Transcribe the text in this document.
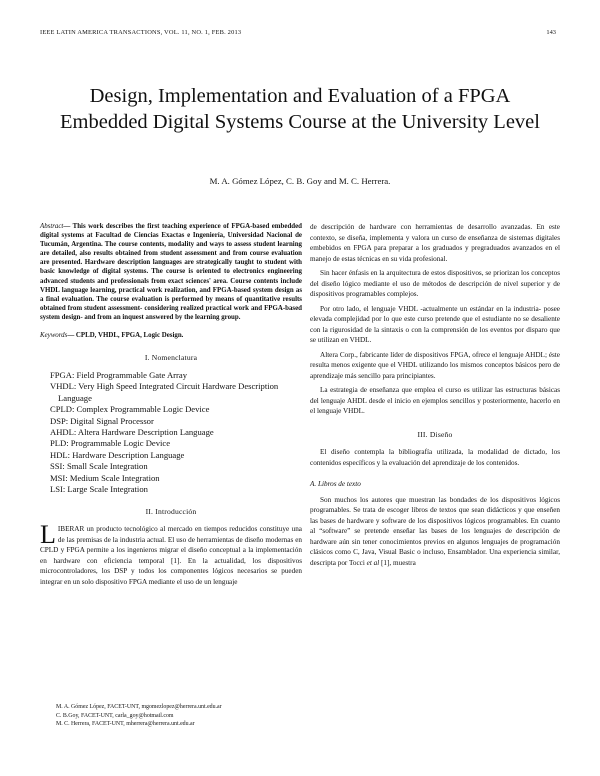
IEEE LATIN AMERICA TRANSACTIONS, VOL. 11, NO. 1, FEB. 2013	143
Design, Implementation and Evaluation of a FPGA Embedded Digital Systems Course at the University Level
M. A. Gómez López, C. B. Goy and M. C. Herrera.
Abstract— This work describes the first teaching experience of FPGA-based embedded digital systems at Facultad de Ciencias Exactas e Ingeniería, Universidad Nacional de Tucumán, Argentina. The course contents, modality and ways to assess student learning are detailed, also results obtained from student assessment and from course evaluation are presented. Hardware description languages are strategically taught to student with basic knowledge of digital systems. The course is oriented to electronics engineering advanced students and professionals from exact sciences' area. Course contents include VHDL language learning, practical work realization, and FPGA-based system design as a final evaluation. The course evaluation is performed by means of quantitative results obtained from student assessment- considering realized practical work and FPGA-based system design- and from an inquest answered by the learning group.
Keywords— CPLD, VHDL, FPGA, Logic Design.
I. Nomenclatura
FPGA: Field Programmable Gate Array
VHDL: Very High Speed Integrated Circuit Hardware Description Language
CPLD: Complex Programmable Logic Device
DSP: Digital Signal Processor
AHDL: Altera Hardware Description Language
PLD: Programmable Logic Device
HDL: Hardware Description Language
SSI: Small Scale Integration
MSI: Medium Scale Integration
LSI: Large Scale Integration
II. Introducción

LIBERAR un producto tecnológico al mercado en tiempos reducidos constituye una de las premisas de la industria actual. El uso de herramientas de diseño modernas en CPLD y FPGA permite a los ingenieros migrar el diseño conceptual a la implementación en hardware con eficiencia temporal [1]. En la actualidad, los dispositivos microcontroladores, los DSP y todos los componentes lógicos necesarios se pueden integrar en un solo dispositivo FPGA mediante el uso de un lenguaje

de descripción de hardware con herramientas de desarrollo avanzadas. En este contexto, se diseña, implementa y valora un curso de enseñanza de sistemas digitales embebidos en FPGA para preparar a los graduados y pregraduados avanzados en el manejo de estas técnicas en su vida profesional.

Sin hacer énfasis en la arquitectura de estos dispositivos, se priorizan los conceptos del diseño lógico mediante el uso de métodos de descripción de nivel superior y de dispositivos programables complejos.

Por otro lado, el lenguaje VHDL -actualmente un estándar en la industria- posee elevada complejidad por lo que este curso pretende que el estudiante no se desaliente con la rigurosidad de la sintaxis o con la comprensión de los eventos por disparo que se utilizan en VHDL.

Altera Corp., fabricante líder de dispositivos FPGA, ofrece el lenguaje AHDL; éste resulta menos exigente que el VHDL utilizando los mismos conceptos básicos pero de aprendizaje más sencillo para principiantes.

La estrategia de enseñanza que emplea el curso es utilizar las estructuras básicas del lenguaje AHDL desde el inicio en ejemplos sencillos y posteriormente, hacerlo en el lenguaje VHDL.

III. Diseño

El diseño contempla la bibliografía utilizada, la modalidad de dictado, los contenidos específicos y la evaluación del aprendizaje de los contenidos.

A. Libros de texto

Son muchos los autores que muestran las bondades de los dispositivos lógicos programables. Se trata de escoger libros de textos que sean didácticos y que enseñen las bases de hardware y software de los dispositivos lógicos programables. En cuanto al “software” se pretende enseñar las bases de los lenguajes de descripción de hardware aún sin tener conocimientos previos en algunos lenguajes de programación clásicos como C, Java, Visual Basic o incluso, Ensamblador. Una experiencia similar, descripta por Tocci et al [1], muestra

M. A. Gómez López, FACET-UNT, mgomezlopez@herrera.unt.edu.ar
C. B.Goy, FACET-UNT, carla_goy@hotmail.com
M. C. Herrera, FACET-UNT, mherrera@herrera.unt.edu.ar
